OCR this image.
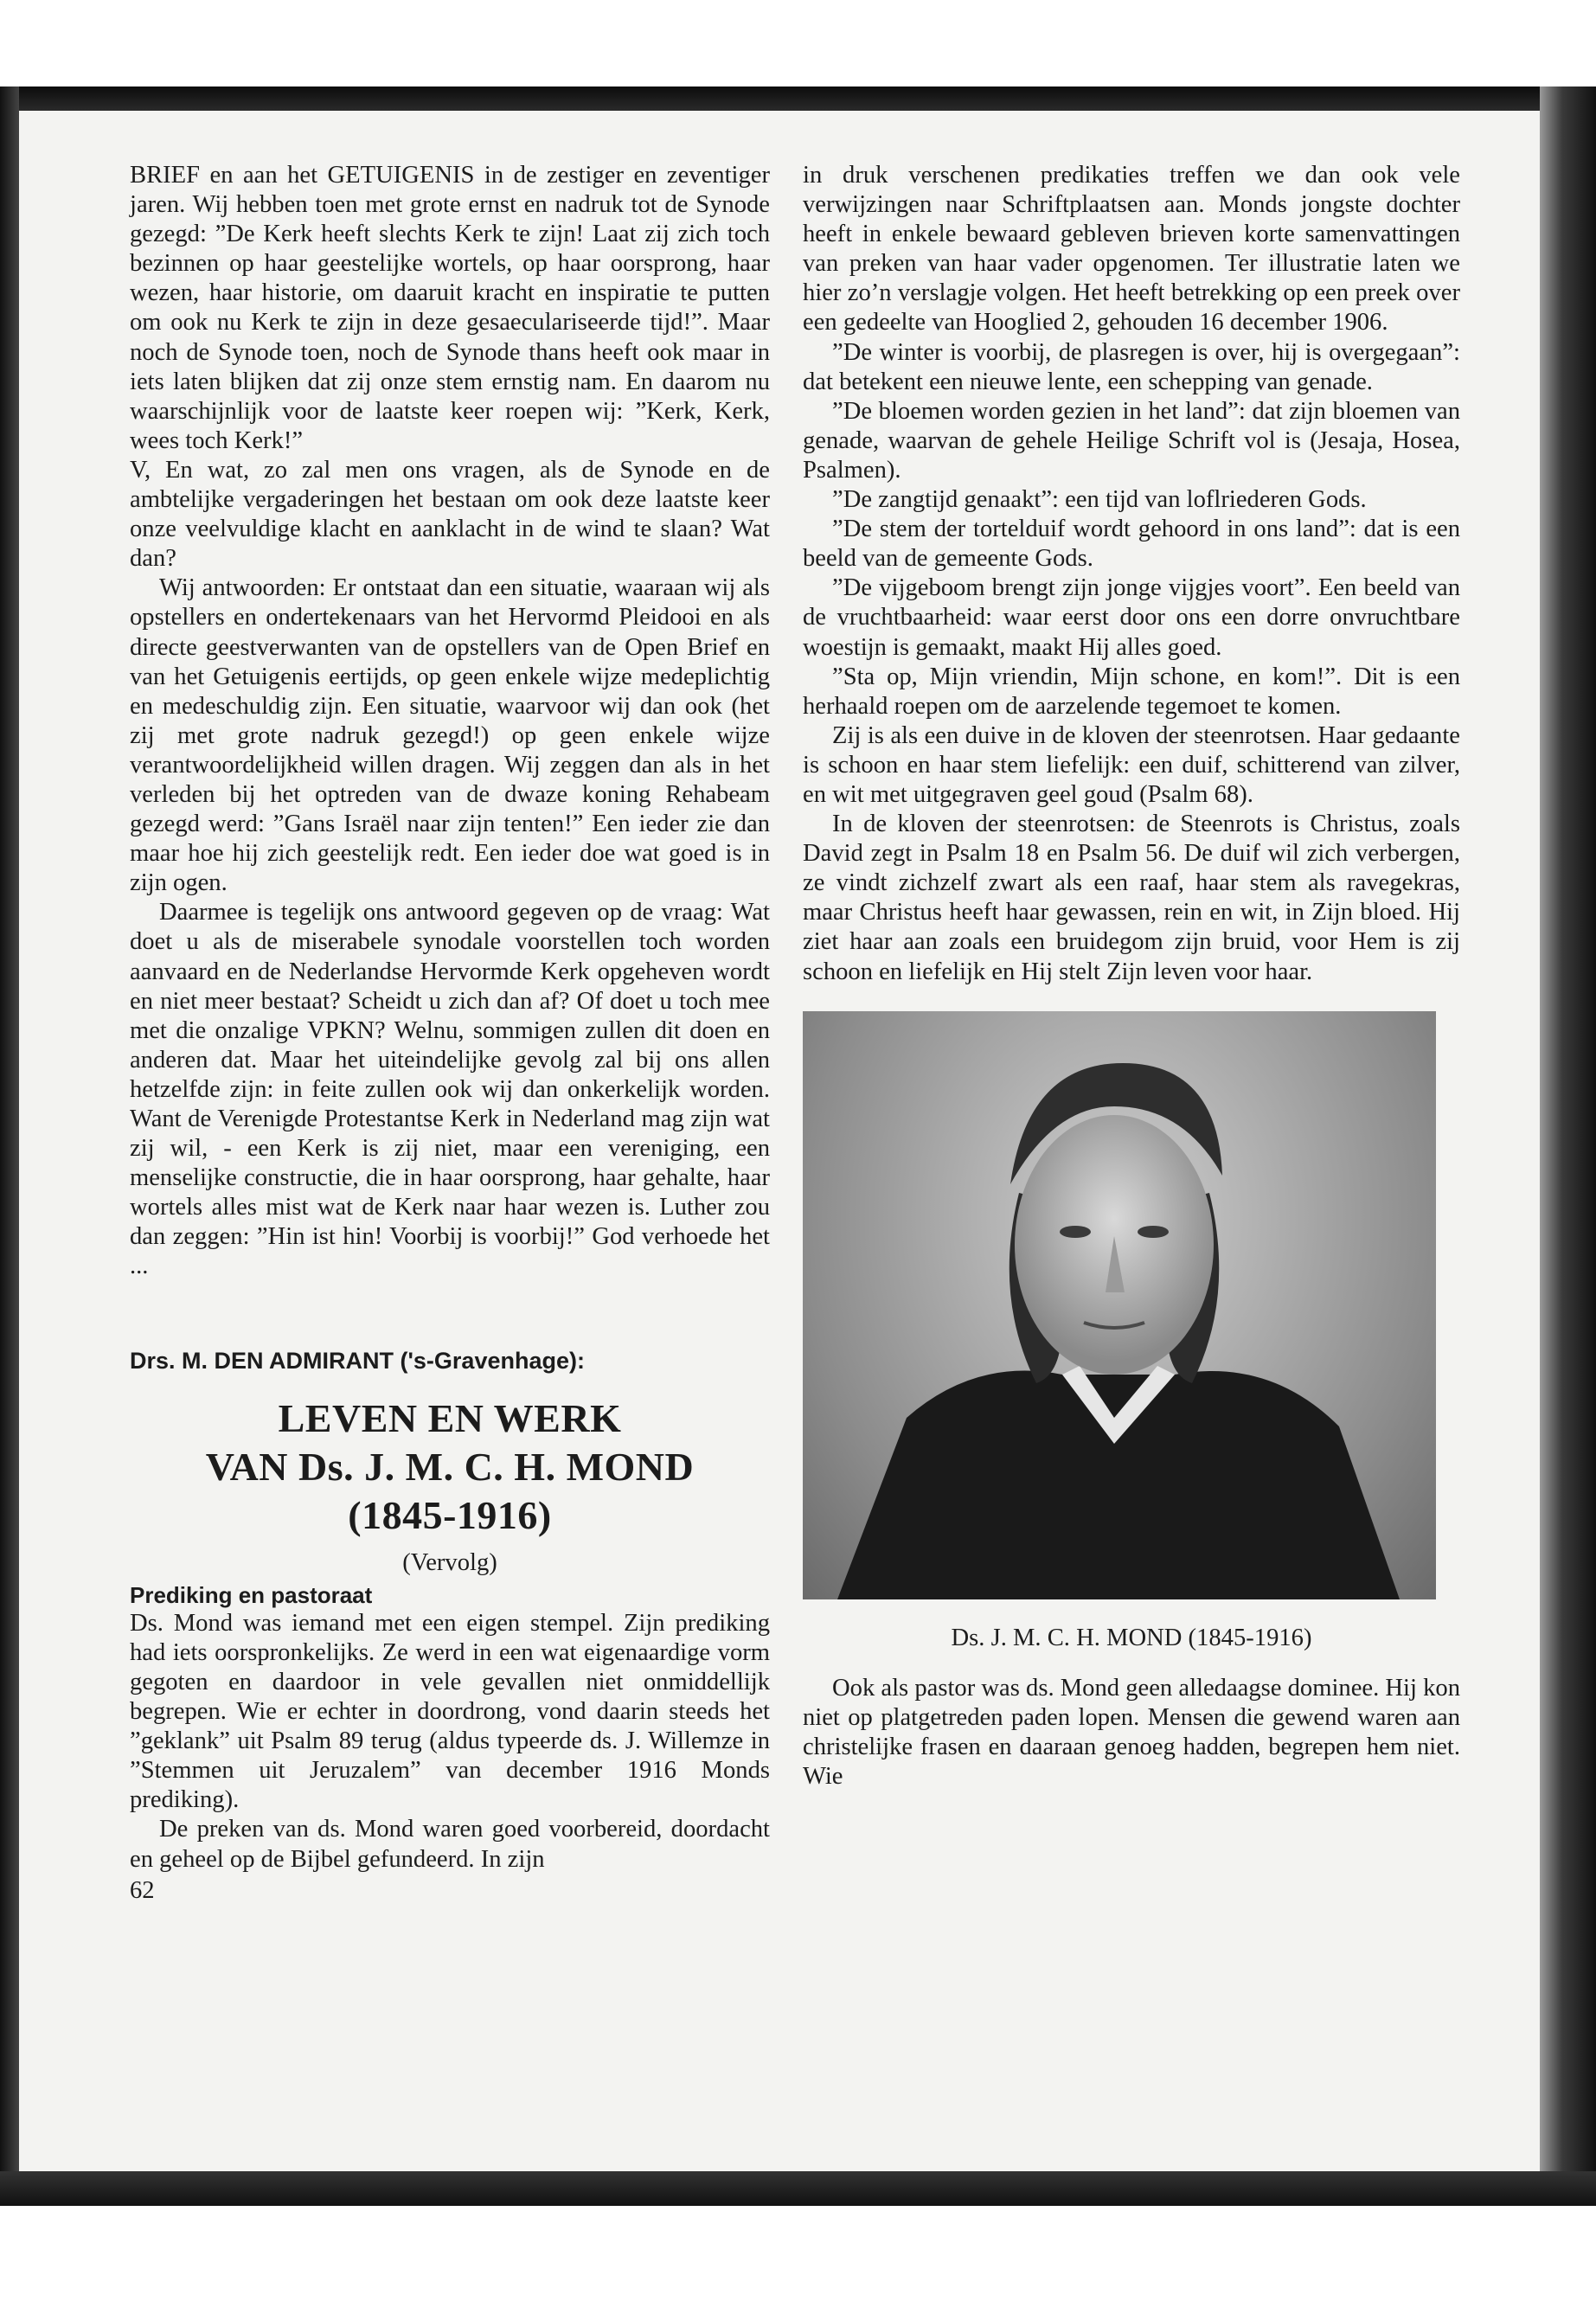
BRIEF en aan het GETUIGENIS in de zestiger en zeventiger jaren. Wij hebben toen met grote ernst en nadruk tot de Synode gezegd: ”De Kerk heeft slechts Kerk te zijn! Laat zij zich toch bezinnen op haar geestelijke wortels, op haar oorsprong, haar wezen, haar historie, om daaruit kracht en inspiratie te putten om ook nu Kerk te zijn in deze gesaeculariseerde tijd!”. Maar noch de Synode toen, noch de Synode thans heeft ook maar in iets laten blijken dat zij onze stem ernstig nam. En daarom nu waarschijnlijk voor de laatste keer roepen wij: ”Kerk, Kerk, wees toch Kerk!”

V, En wat, zo zal men ons vragen, als de Synode en de ambtelijke vergaderingen het bestaan om ook deze laatste keer onze veelvuldige klacht en aanklacht in de wind te slaan? Wat dan?

Wij antwoorden: Er ontstaat dan een situatie, waaraan wij als opstellers en ondertekenaars van het Hervormd Pleidooi en als directe geestverwanten van de opstellers van de Open Brief en van het Getuigenis eertijds, op geen enkele wijze medeplichtig en medeschuldig zijn. Een situatie, waarvoor wij dan ook (het zij met grote nadruk gezegd!) op geen enkele wijze verantwoordelijkheid willen dragen. Wij zeggen dan als in het verleden bij het optreden van de dwaze koning Rehabeam gezegd werd: ”Gans Israël naar zijn tenten!” Een ieder zie dan maar hoe hij zich geestelijk redt. Een ieder doe wat goed is in zijn ogen.

Daarmee is tegelijk ons antwoord gegeven op de vraag: Wat doet u als de miserabele synodale voorstellen toch worden aanvaard en de Nederlandse Hervormde Kerk opgeheven wordt en niet meer bestaat? Scheidt u zich dan af? Of doet u toch mee met die onzalige VPKN? Welnu, sommigen zullen dit doen en anderen dat. Maar het uiteindelijke gevolg zal bij ons allen hetzelfde zijn: in feite zullen ook wij dan onkerkelijk worden. Want de Verenigde Protestantse Kerk in Nederland mag zijn wat zij wil, - een Kerk is zij niet, maar een vereniging, een menselijke constructie, die in haar oorsprong, haar gehalte, haar wortels alles mist wat de Kerk naar haar wezen is. Luther zou dan zeggen: ”Hin ist hin! Voorbij is voorbij!” God verhoede het ...

Drs. M. DEN ADMIRANT ('s-Gravenhage):
LEVEN EN WERK
VAN Ds. J. M. C. H. MOND
(1845-1916)
(Vervolg)
Prediking en pastoraat

Ds. Mond was iemand met een eigen stempel. Zijn prediking had iets oorspronkelijks. Ze werd in een wat eigenaardige vorm gegoten en daardoor in vele gevallen niet onmiddellijk begrepen. Wie er echter in doordrong, vond daarin steeds het ”geklank” uit Psalm 89 terug (aldus typeerde ds. J. Willemze in ”Stemmen uit Jeruzalem” van december 1916 Monds prediking).

De preken van ds. Mond waren goed voorbereid, doordacht en geheel op de Bijbel gefundeerd. In zijn

62

in druk verschenen predikaties treffen we dan ook vele verwijzingen naar Schriftplaatsen aan. Monds jongste dochter heeft in enkele bewaard gebleven brieven korte samenvattingen van preken van haar vader opgenomen. Ter illustratie laten we hier zo’n verslagje volgen. Het heeft betrekking op een preek over een gedeelte van Hooglied 2, gehouden 16 december 1906.

”De winter is voorbij, de plasregen is over, hij is overgegaan”: dat betekent een nieuwe lente, een schepping van genade.

”De bloemen worden gezien in het land”: dat zijn bloemen van genade, waarvan de gehele Heilige Schrift vol is (Jesaja, Hosea, Psalmen).

”De zangtijd genaakt”: een tijd van loflriederen Gods.

”De stem der tortelduif wordt gehoord in ons land”: dat is een beeld van de gemeente Gods.

”De vijgeboom brengt zijn jonge vijgjes voort”. Een beeld van de vruchtbaarheid: waar eerst door ons een dorre onvruchtbare woestijn is gemaakt, maakt Hij alles goed.

”Sta op, Mijn vriendin, Mijn schone, en kom!”. Dit is een herhaald roepen om de aarzelende tegemoet te komen.

Zij is als een duive in de kloven der steenrotsen. Haar gedaante is schoon en haar stem liefelijk: een duif, schitterend van zilver, en wit met uitgegraven geel goud (Psalm 68).

In de kloven der steenrotsen: de Steenrots is Christus, zoals David zegt in Psalm 18 en Psalm 56. De duif wil zich verbergen, ze vindt zichzelf zwart als een raaf, haar stem als ravegekras, maar Christus heeft haar gewassen, rein en wit, in Zijn bloed. Hij ziet haar aan zoals een bruidegom zijn bruid, voor Hem is zij schoon en liefelijk en Hij stelt Zijn leven voor haar.

Ds. J. M. C. H. MOND (1845-1916)

Ook als pastor was ds. Mond geen alledaagse dominee. Hij kon niet op platgetreden paden lopen. Mensen die gewend waren aan christelijke frasen en daaraan genoeg hadden, begrepen hem niet. Wie
